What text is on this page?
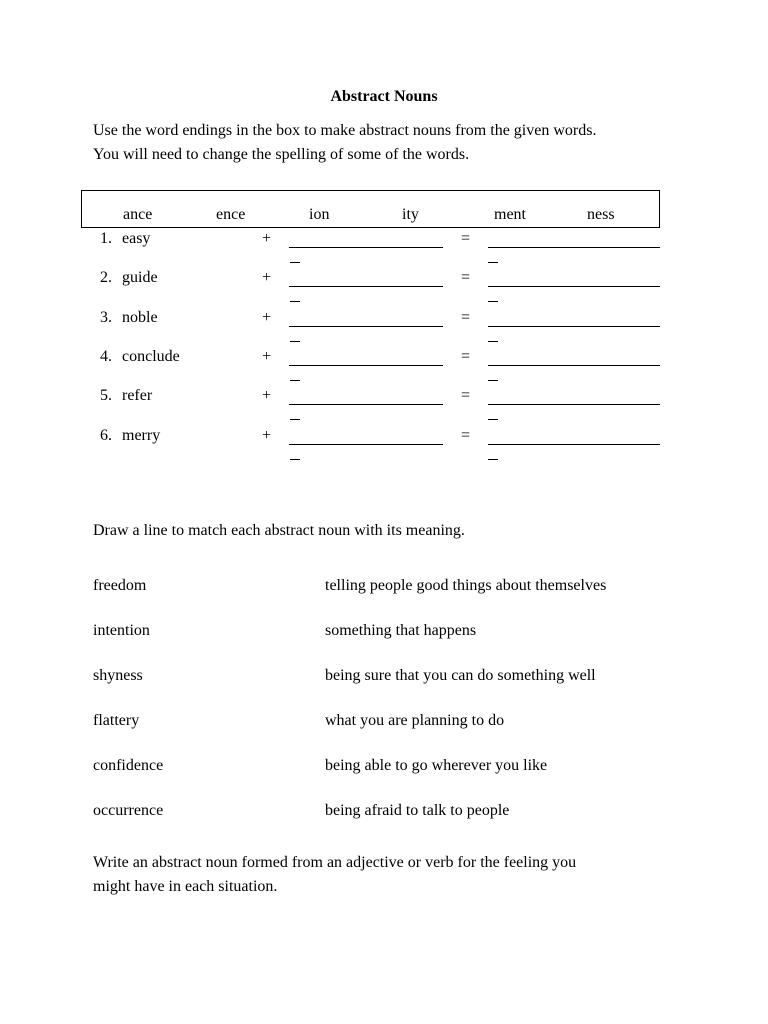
Abstract Nouns
Use the word endings in the box to make abstract nouns from the given words.
You will need to change the spelling of some of the words.
ance	ence	ion	ity	ment	ness
1. easy	+	=
2. guide	+	=
3. noble	+	=
4. conclude	+	=
5. refer	+	=
6. merry	+	=
Draw a line to match each abstract noun with its meaning.
freedom	telling people good things about themselves
intention	something that happens
shyness	being sure that you can do something well
flattery	what you are planning to do
confidence	being able to go wherever you like
occurrence	being afraid to talk to people
Write an abstract noun formed from an adjective or verb for the feeling you
might have in each situation.
